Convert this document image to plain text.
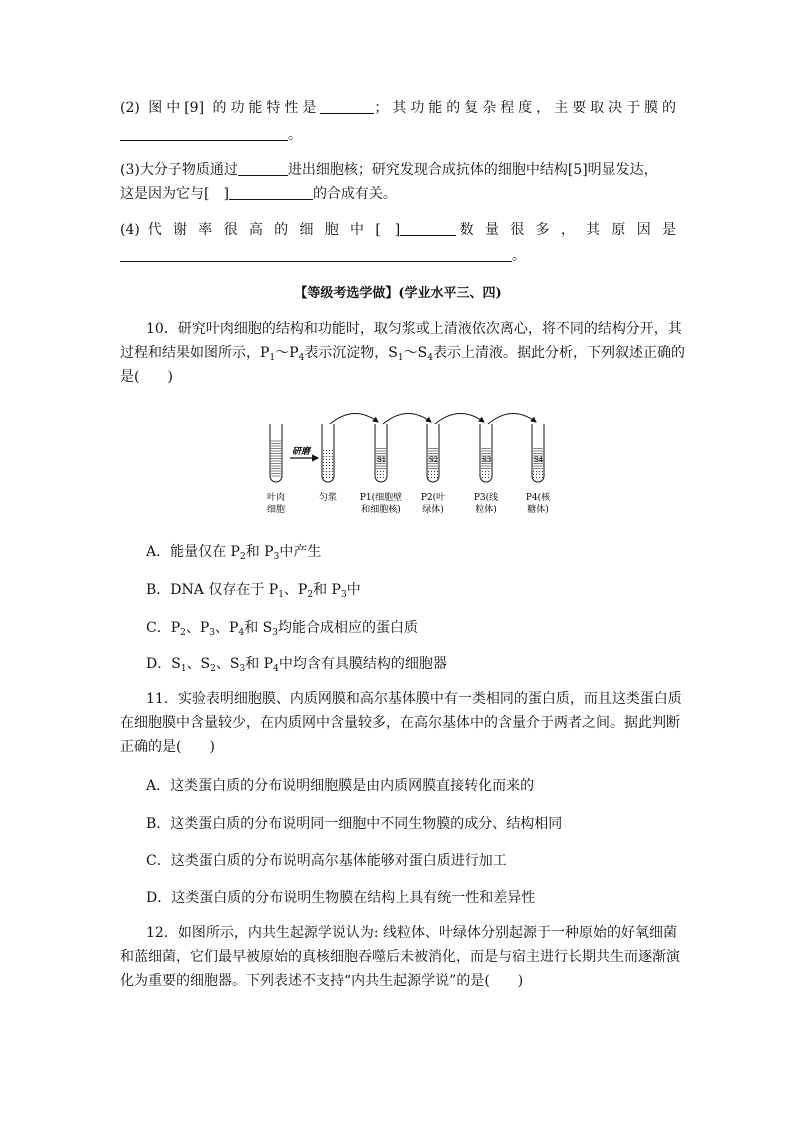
(2) 图中[9] 的功能特性是	；其功能的复杂程度，主要取决于膜的
。
(3)大分子物质通过	进出细胞核；研究发现合成抗体的细胞中结构[5]明显发达，
这是因为它与[ ]	的合成有关。
(4) 代 谢 率 很 高 的 细 胞 中 [ ]	数 量 很 多 ， 其 原 因 是
。
【等级考选学做】(学业水平三、四)
10．研究叶肉细胞的结构和功能时，取匀浆或上清液依次离心，将不同的结构分开，其
过程和结果如图所示，$P_1\sim P_4$表示沉淀物，$S_1\sim S_4$表示上清液。据此分析，下列叙述正确的
是(　　)
研磨
S1	S2	S3	S4
叶肉
细胞
匀浆	P1(细胞壁
和细胞核)
P2(叶
绿体)
P3(线
粒体)
P4(核
糖体)
A．能量仅在 $P_2$和 $P_3$中产生
B．DNA 仅存在于 $P_1$、$P_2$和 $P_3$中
C．$P_2$、$P_3$、$P_4$和 $S_3$均能合成相应的蛋白质
D．$S_1$、$S_2$、$S_3$和 $P_4$中均含有具膜结构的细胞器
11．实验表明细胞膜、内质网膜和高尔基体膜中有一类相同的蛋白质，而且这类蛋白质
在细胞膜中含量较少，在内质网中含量较多，在高尔基体中的含量介于两者之间。据此判断
正确的是(　　)
A．这类蛋白质的分布说明细胞膜是由内质网膜直接转化而来的
B．这类蛋白质的分布说明同一细胞中不同生物膜的成分、结构相同
C．这类蛋白质的分布说明高尔基体能够对蛋白质进行加工
D．这类蛋白质的分布说明生物膜在结构上具有统一性和差异性
12．如图所示，内共生起源学说认为: 线粒体、叶绿体分别起源于一种原始的好氧细菌
和蓝细菌，它们最早被原始的真核细胞吞噬后未被消化，而是与宿主进行长期共生而逐渐演
化为重要的细胞器。下列表述不支持“内共生起源学说”的是(　　)
